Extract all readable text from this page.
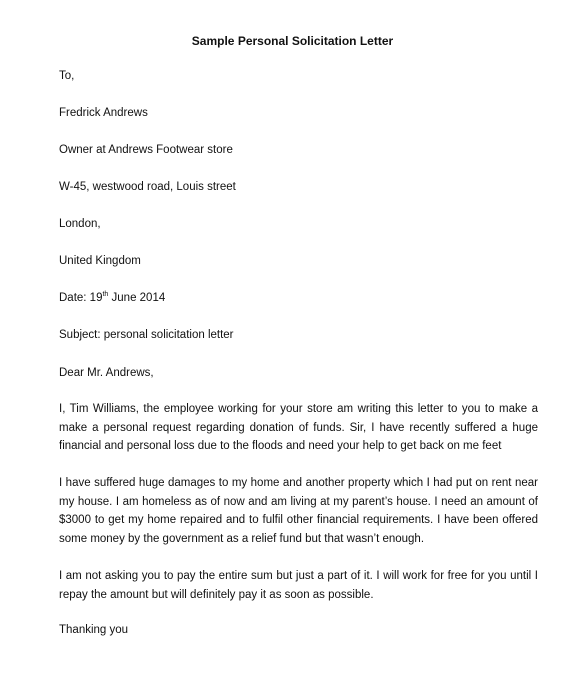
Sample Personal Solicitation Letter
To,
Fredrick Andrews
Owner at Andrews Footwear store
W-45, westwood road, Louis street
London,
United Kingdom
Date: 19th June 2014
Subject: personal solicitation letter
Dear Mr. Andrews,
I, Tim Williams, the employee working for your store am writing this letter to you to make a make a personal request regarding donation of funds. Sir, I have recently suffered a huge financial and personal loss due to the floods and need your help to get back on me feet
I have suffered huge damages to my home and another property which I had put on rent near my house. I am homeless as of now and am living at my parent’s house. I need an amount of $3000 to get my home repaired and to fulfil other financial requirements. I have been offered some money by the government as a relief fund but that wasn’t enough.
I am not asking you to pay the entire sum but just a part of it. I will work for free for you until I repay the amount but will definitely pay it as soon as possible.
Thanking you
